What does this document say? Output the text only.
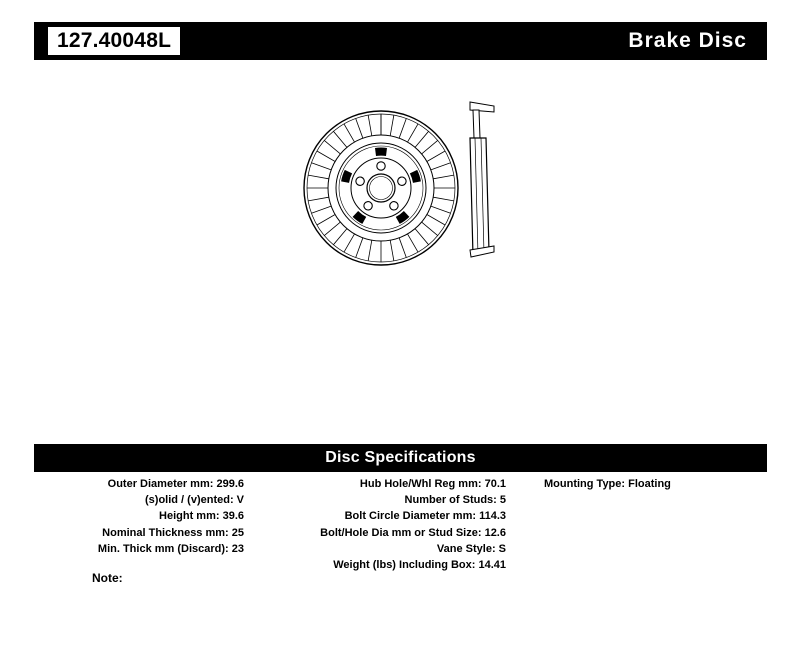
127.40048L	Brake Disc
Disc Specifications
Outer Diameter mm: 299.6
(s)olid / (v)ented: V
Height mm: 39.6
Nominal Thickness mm: 25
Min. Thick mm (Discard): 23
Hub Hole/Whl Reg mm: 70.1
Number of Studs: 5
Bolt Circle Diameter mm: 114.3
Bolt/Hole Dia mm or Stud Size: 12.6
Vane Style: S
Weight (lbs) Including Box: 14.41
Mounting Type: Floating
Note:
